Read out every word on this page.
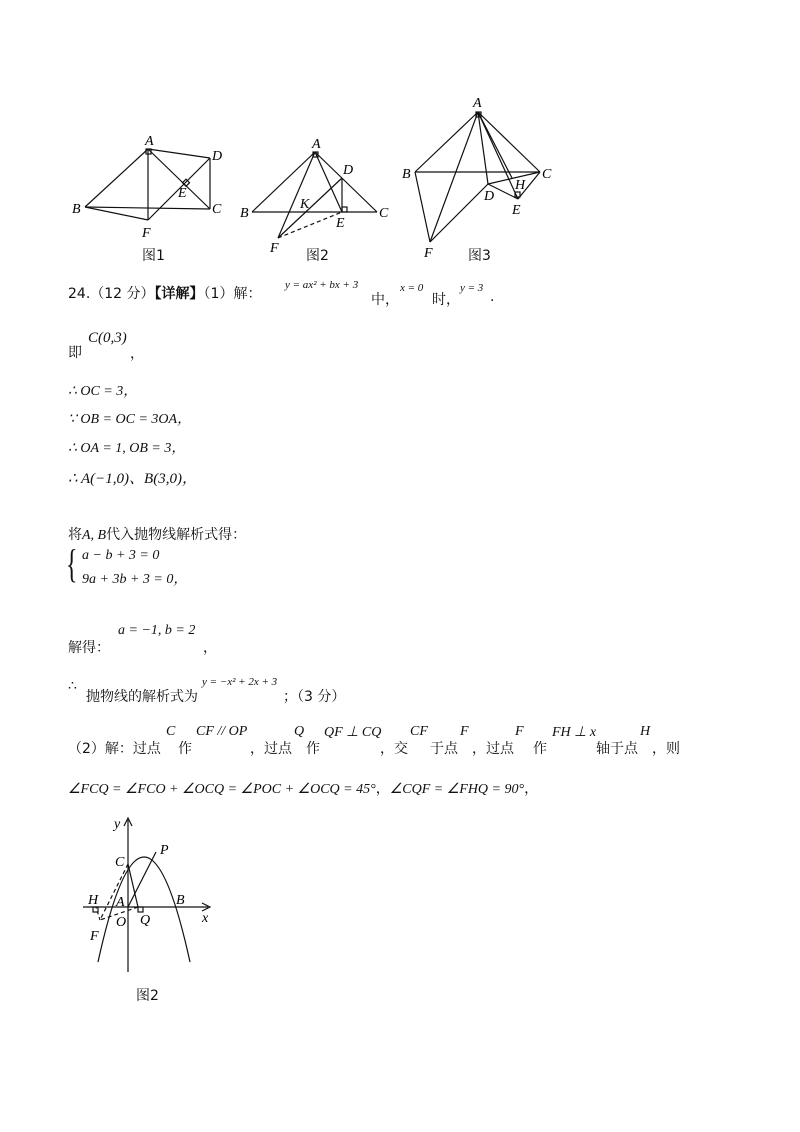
A
B	C
D
E
F
图1
A
B	C
D
E
F
K
图2
A
B	C
D
E
F
H
图3
24.（12 分）【详解】（1）解：
y = ax² + bx + 3
中，
x = 0
时，
y = 3
.
即
C(0,3)
，
∴ OC = 3，
∵ OB = OC = 3OA，
∴ OA = 1, OB = 3，
∴ A(−1,0)、B(3,0)，
将A, B代入抛物线解析式得：
{ a − b + 3 = 0
9a + 3b + 3 = 0，
解得：
a = −1, b = 2
，
∴
抛物线的解析式为
y = −x² + 2x + 3
；（3 分）
（2）解：过点
C
作
CF // OP
，过点
Q
作
QF ⊥ CQ
，交
CF
于点
F
，过点
F
作
FH ⊥ x
轴于点
H
，则
∠FCQ = ∠FCO + ∠OCQ = ∠POC + ∠OCQ = 45°，∠CQF = ∠FHQ = 90°，
y
x
C
P
H A
O Q
B
F
图2
